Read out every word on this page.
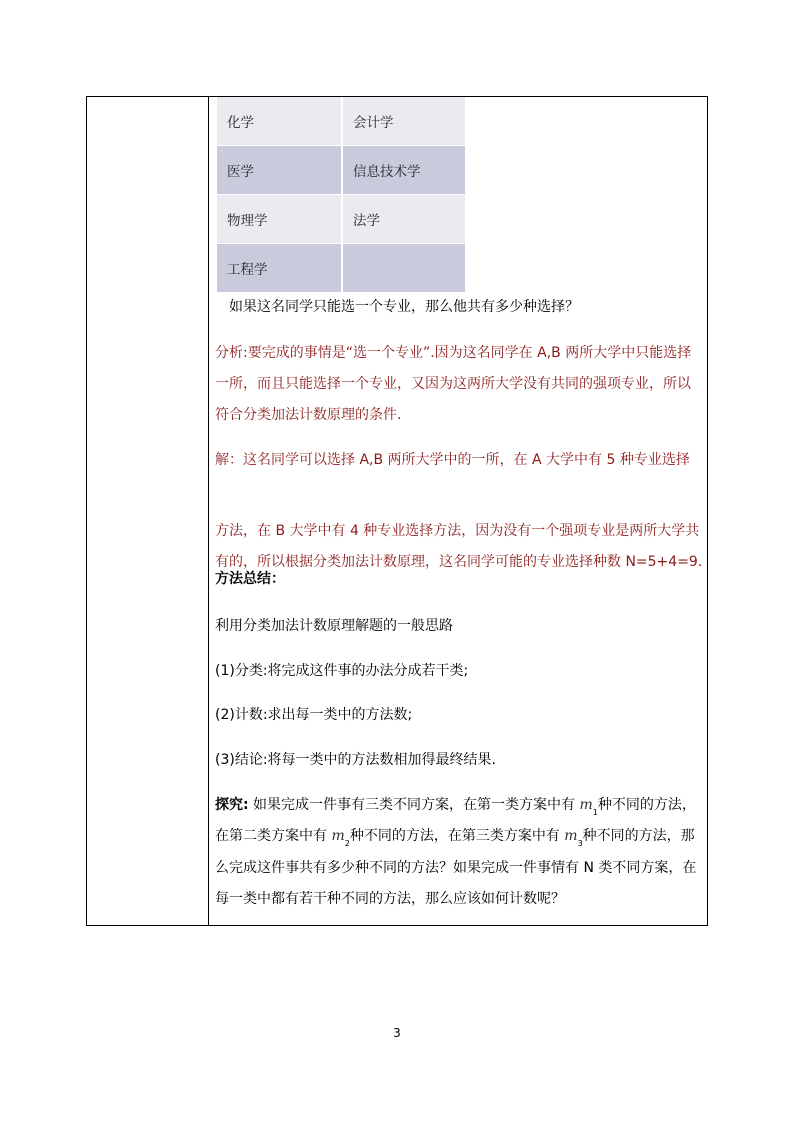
化学	会计学
医学	信息技术学
物理学	法学
工程学	
如果这名同学只能选一个专业，那么他共有多少种选择？
分析:要完成的事情是“选一个专业”.因为这名同学在 A,B 两所大学中只能选择
一所，而且只能选择一个专业，又因为这两所大学没有共同的强项专业，所以
符合分类加法计数原理的条件.
解：这名同学可以选择 A,B 两所大学中的一所，在 A 大学中有 5 种专业选择
方法，在 B 大学中有 4 种专业选择方法，因为没有一个强项专业是两所大学共
有的，所以根据分类加法计数原理，这名同学可能的专业选择种数 N=5+4=9.
方法总结：
利用分类加法计数原理解题的一般思路
(1)分类:将完成这件事的办法分成若干类;
(2)计数:求出每一类中的方法数;
(3)结论:将每一类中的方法数相加得最终结果.
探究: 如果完成一件事有三类不同方案，在第一类方案中有 $m_1$种不同的方法，
在第二类方案中有 $m_2$种不同的方法，在第三类方案中有 $m_3$种不同的方法，那
么完成这件事共有多少种不同的方法？如果完成一件事情有 N 类不同方案，在
每一类中都有若干种不同的方法，那么应该如何计数呢？
3
